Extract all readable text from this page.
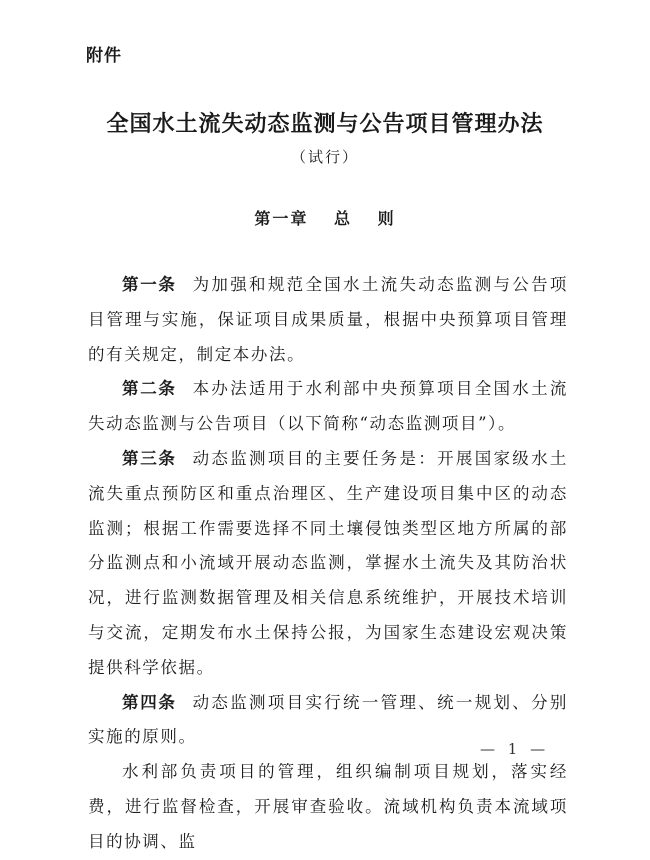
附件
全国水土流失动态监测与公告项目管理办法
（试行）
第一章 总 则

第一条 为加强和规范全国水土流失动态监测与公告项目管理与实施，保证项目成果质量，根据中央预算项目管理的有关规定，制定本办法。

第二条 本办法适用于水利部中央预算项目全国水土流失动态监测与公告项目（以下简称“动态监测项目”）。

第三条 动态监测项目的主要任务是：开展国家级水土流失重点预防区和重点治理区、生产建设项目集中区的动态监测；根据工作需要选择不同土壤侵蚀类型区地方所属的部分监测点和小流域开展动态监测，掌握水土流失及其防治状况，进行监测数据管理及相关信息系统维护，开展技术培训与交流，定期发布水土保持公报，为国家生态建设宏观决策提供科学依据。

第四条 动态监测项目实行统一管理、统一规划、分别实施的原则。

水利部负责项目的管理，组织编制项目规划，落实经费，进行监督检查，开展审查验收。流域机构负责本流域项目的协调、监

— 1 —
